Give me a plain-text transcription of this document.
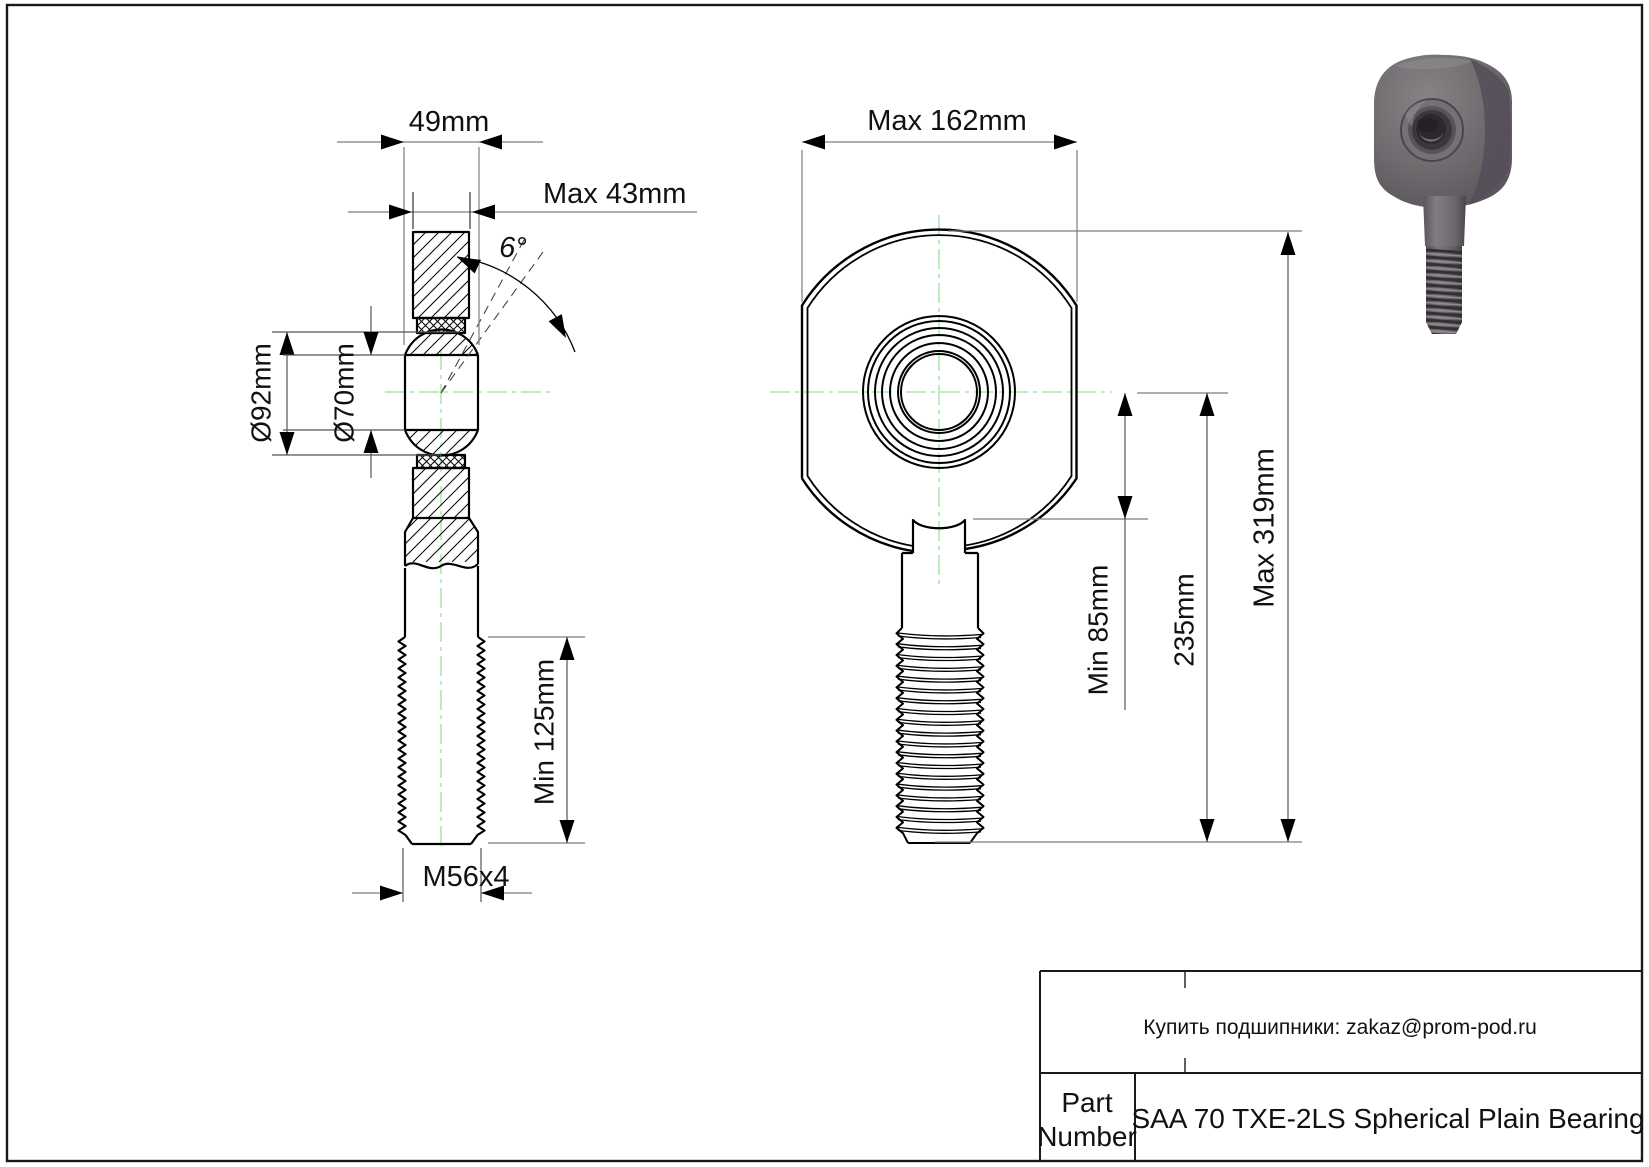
49mm
Max 43mm
6°
Ø92mm Ø70mm
Min 125mm
M56x4
Max 162mm
Min 85mm 235mm
Max 319mm
Купить подшипники: zakaz@prom-pod.ru
Part
Number
SAA 70 TXE-2LS Spherical Plain Bearing
